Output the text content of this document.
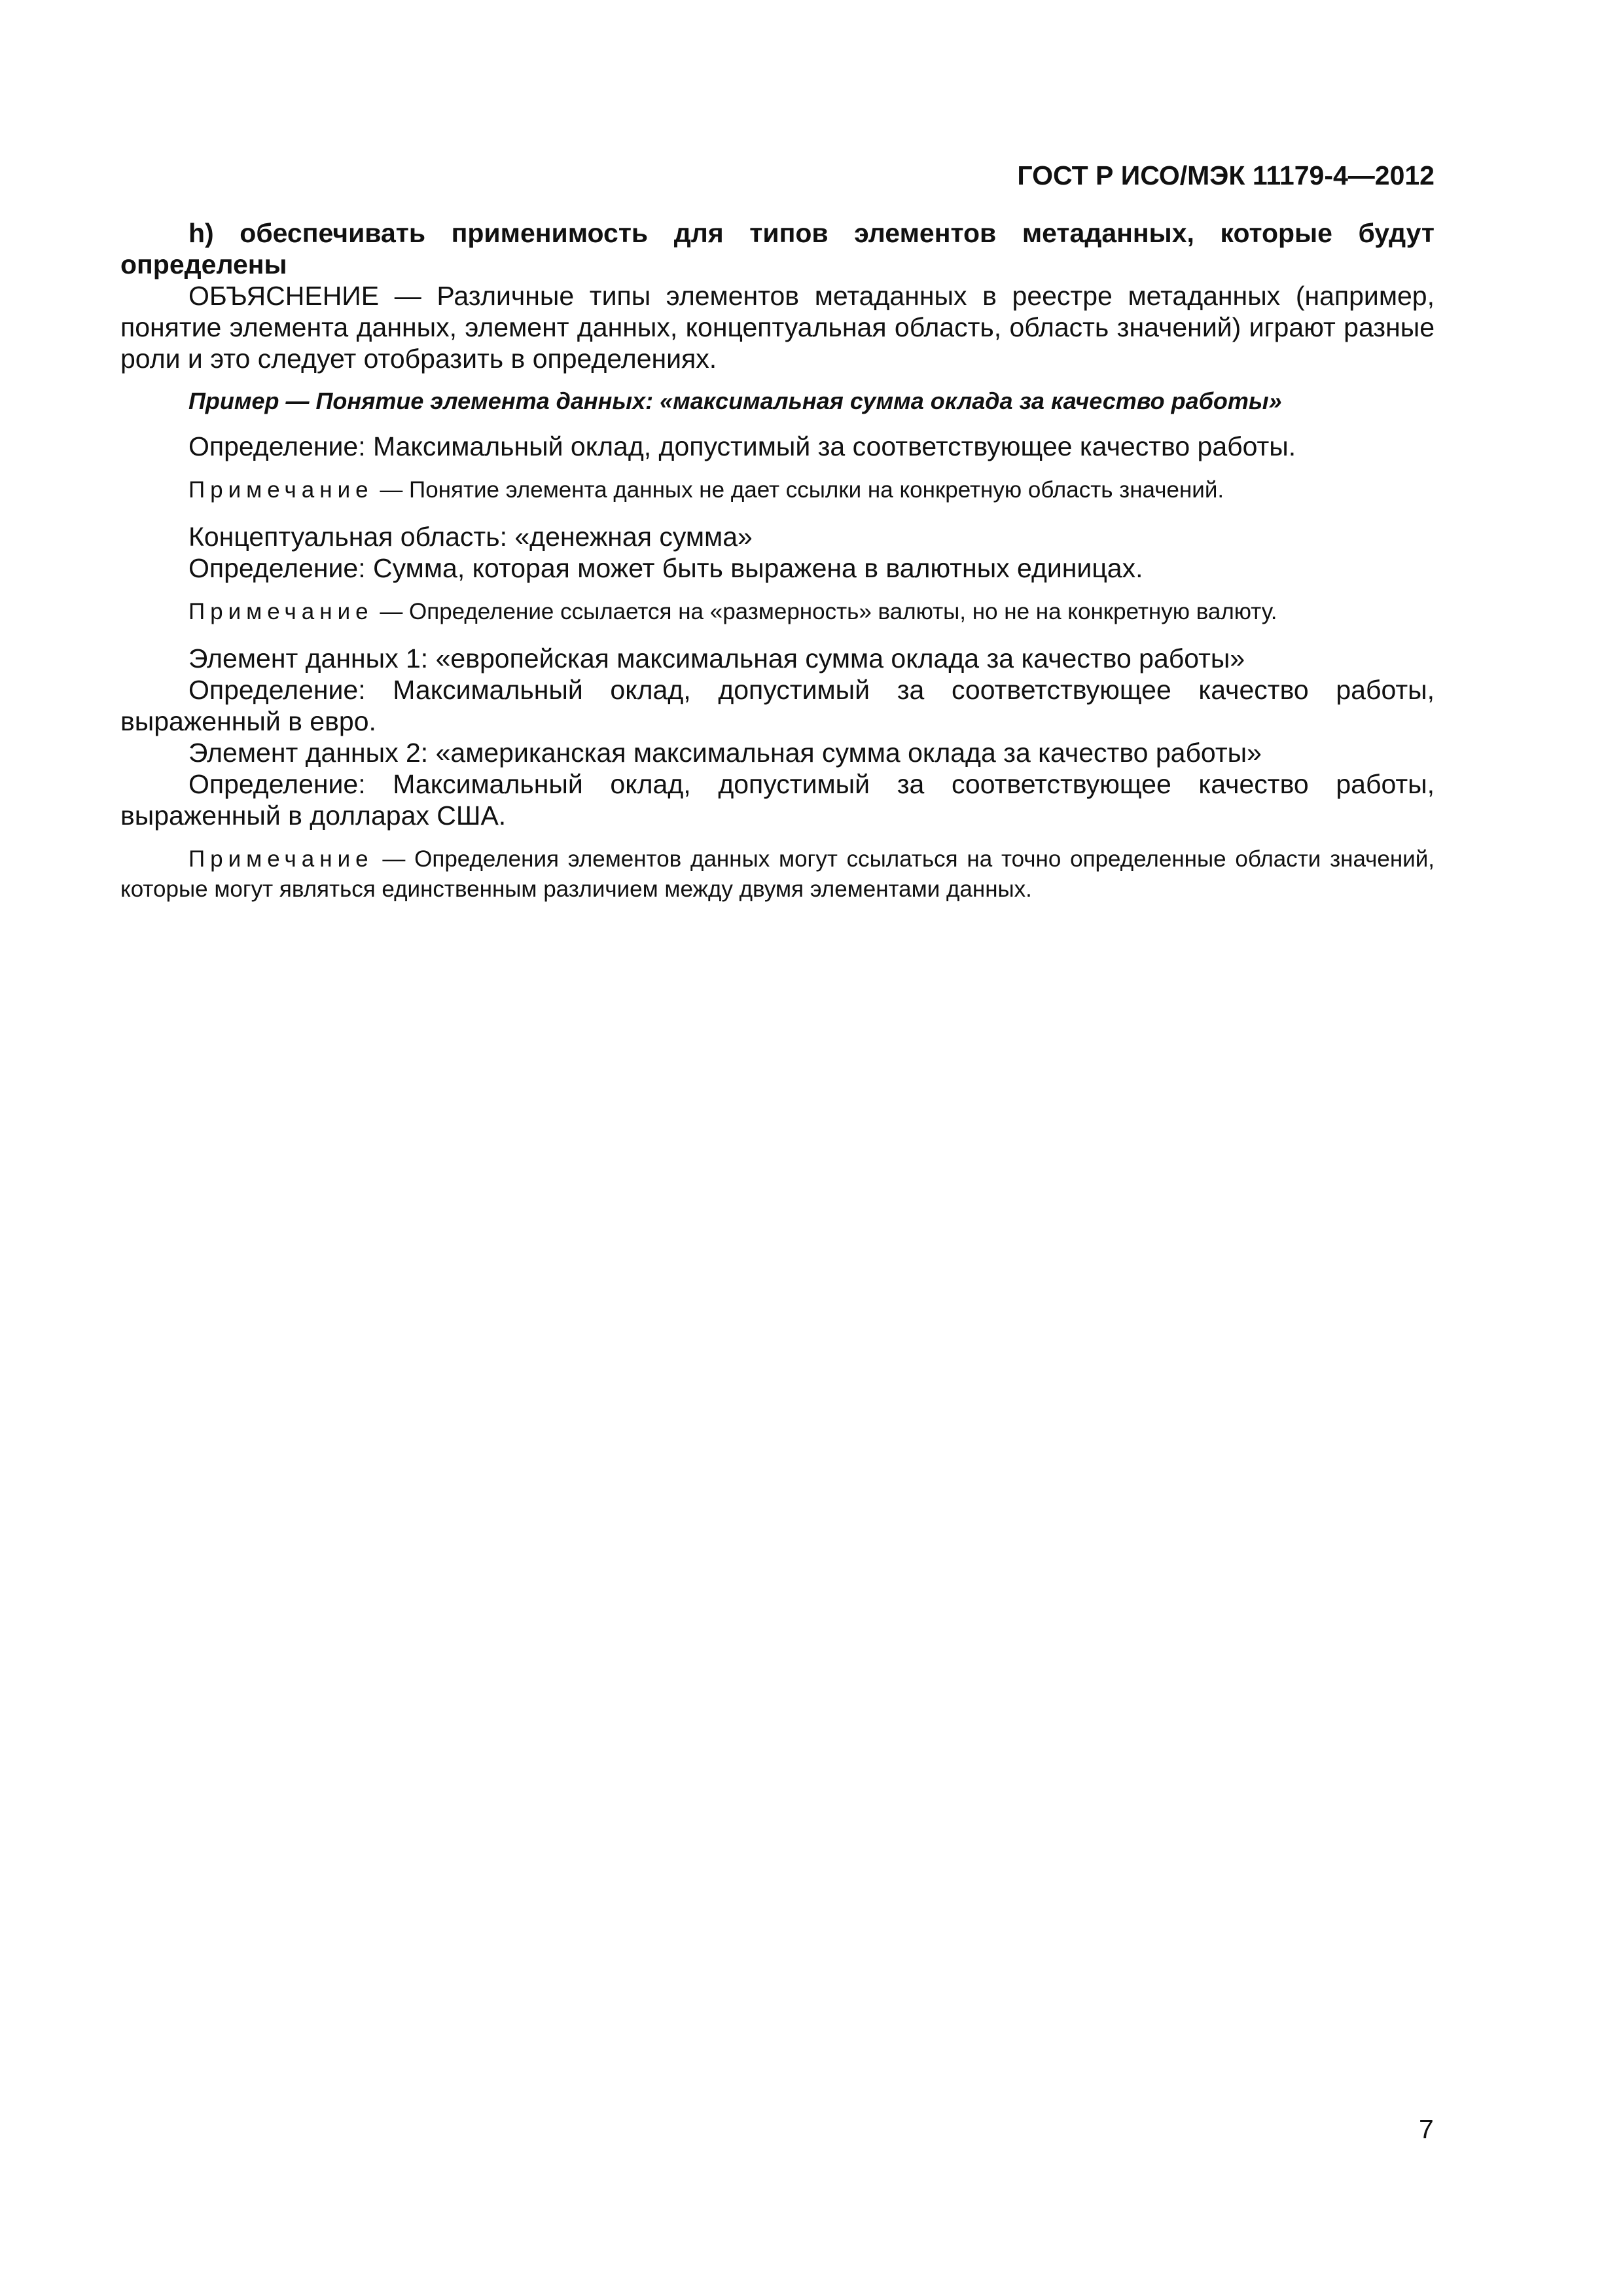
ГОСТ Р ИСО/МЭК 11179-4—2012

h) обеспечивать применимость для типов элементов метаданных, которые будут определены

ОБЪЯСНЕНИЕ — Различные типы элементов метаданных в реестре метаданных (например, понятие элемента данных, элемент данных, концептуальная область, область значений) играют разные роли и это следует отобразить в определениях.

Пример — Понятие элемента данных: «максимальная сумма оклада за качество работы»

Определение: Максимальный оклад, допустимый за соответствующее качество работы.

Примечание — Понятие элемента данных не дает ссылки на конкретную область значений.

Концептуальная область: «денежная сумма»

Определение: Сумма, которая может быть выражена в валютных единицах.

Примечание — Определение ссылается на «размерность» валюты, но не на конкретную валюту.

Элемент данных 1: «европейская максимальная сумма оклада за качество работы»

Определение: Максимальный оклад, допустимый за соответствующее качество работы, выраженный в евро.

Элемент данных 2: «американская максимальная сумма оклада за качество работы»

Определение: Максимальный оклад, допустимый за соответствующее качество работы, выраженный в долларах США.

Примечание — Определения элементов данных могут ссылаться на точно определенные области значений, которые могут являться единственным различием между двумя элементами данных.

7
